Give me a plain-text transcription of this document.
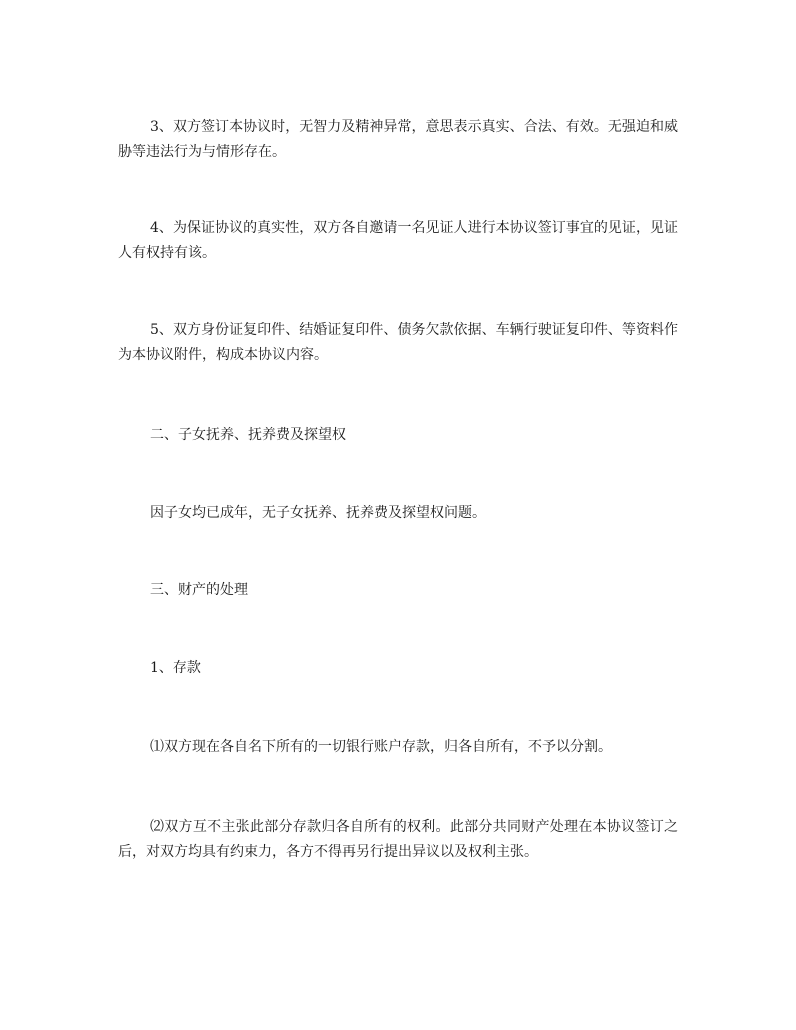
3、双方签订本协议时，无智力及精神异常，意思表示真实、合法、有效。无强迫和威胁等违法行为与情形存在。

4、为保证协议的真实性，双方各自邀请一名见证人进行本协议签订事宜的见证，见证人有权持有该。

5、双方身份证复印件、结婚证复印件、债务欠款依据、车辆行驶证复印件、等资料作为本协议附件，构成本协议内容。

二、子女抚养、抚养费及探望权

因子女均已成年，无子女抚养、抚养费及探望权问题。

三、财产的处理

1、存款

⑴双方现在各自名下所有的一切银行账户存款，归各自所有，不予以分割。

⑵双方互不主张此部分存款归各自所有的权利。此部分共同财产处理在本协议签订之后，对双方均具有约束力，各方不得再另行提出异议以及权利主张。
